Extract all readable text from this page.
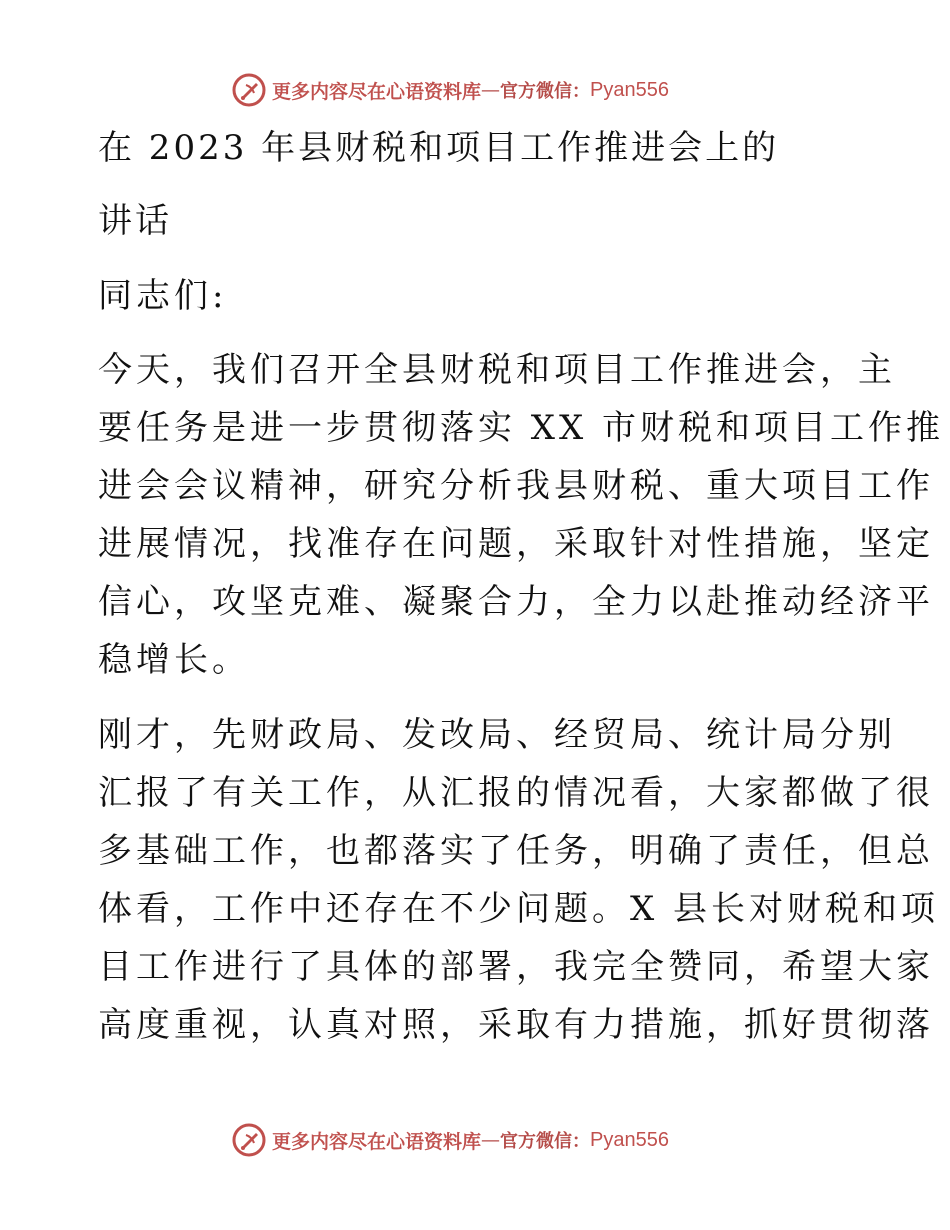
更多内容尽在心语资料库 — 官方微信： Pyan556
在 2023 年县财税和项目工作推进会上的
讲话
同志们:
今天，我们召开全县财税和项目工作推进会，主
要任务是进一步贯彻落实 XX 市财税和项目工作推
进会会议精神，研究分析我县财税、重大项目工作
进展情况，找准存在问题，采取针对性措施，坚定
信心，攻坚克难、凝聚合力，全力以赴推动经济平
稳增长。
刚才，先财政局、发改局、经贸局、统计局分别
汇报了有关工作，从汇报的情况看，大家都做了很
多基础工作，也都落实了任务，明确了责任，但总
体看，工作中还存在不少问题。X 县长对财税和项
目工作进行了具体的部署，我完全赞同，希望大家
高度重视，认真对照，采取有力措施，抓好贯彻落
更多内容尽在心语资料库 — 官方微信： Pyan556
